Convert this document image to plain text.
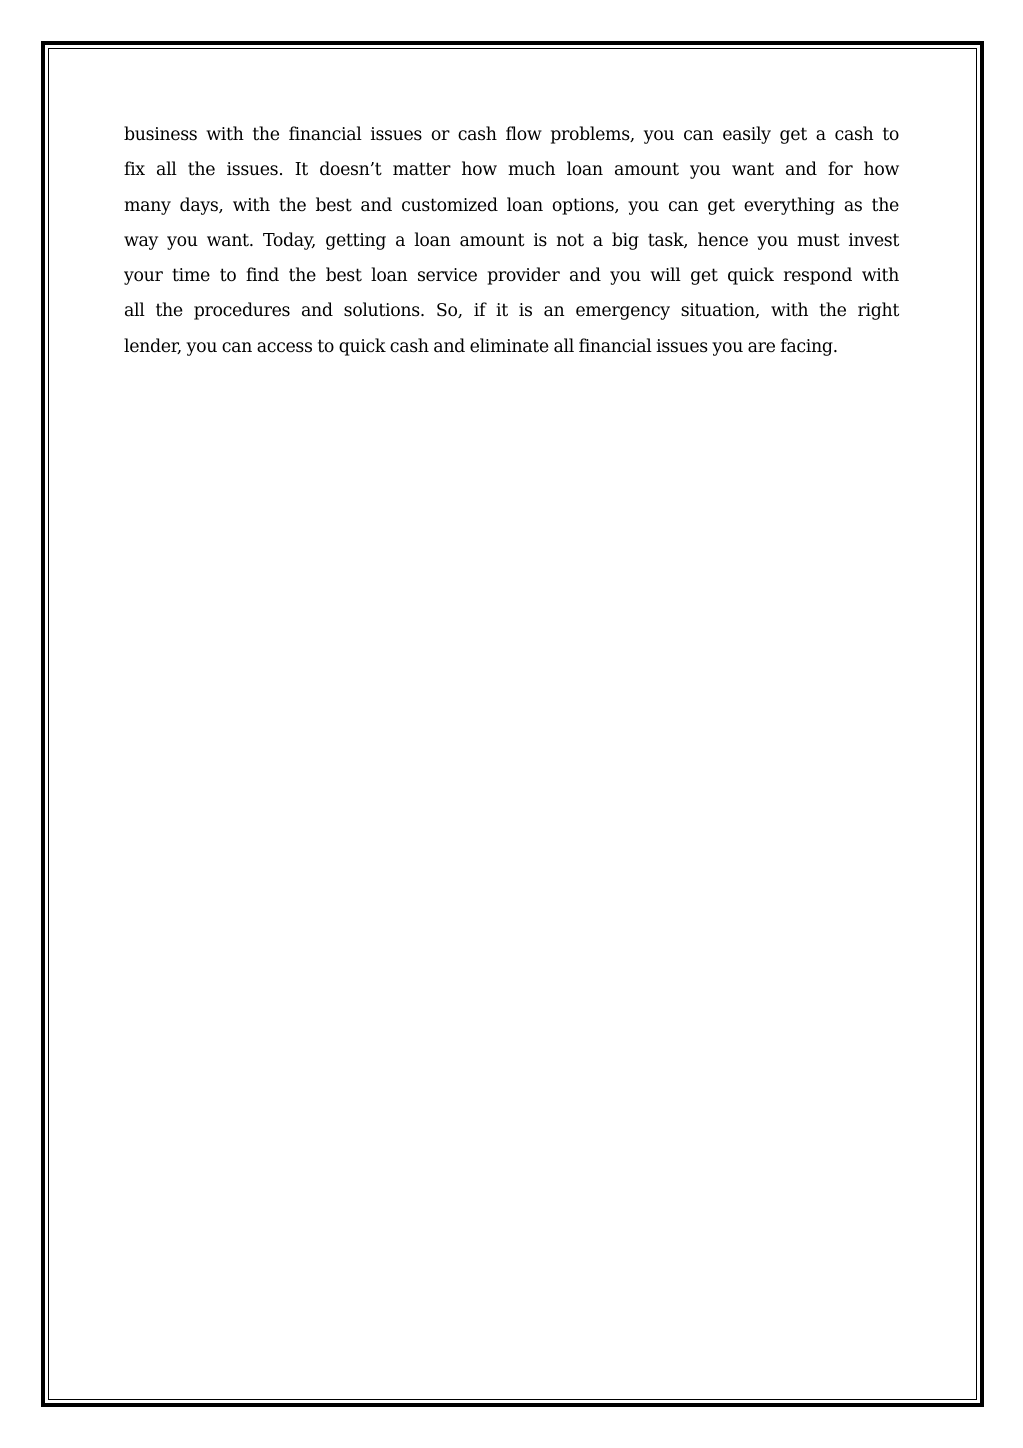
business with the financial issues or cash flow problems, you can easily get a cash to
fix all the issues. It doesn’t matter how much loan amount you want and for how
many days, with the best and customized loan options, you can get everything as the
way you want. Today, getting a loan amount is not a big task, hence you must invest
your time to find the best loan service provider and you will get quick respond with
all the procedures and solutions. So, if it is an emergency situation, with the right
lender, you can access to quick cash and eliminate all financial issues you are facing.
